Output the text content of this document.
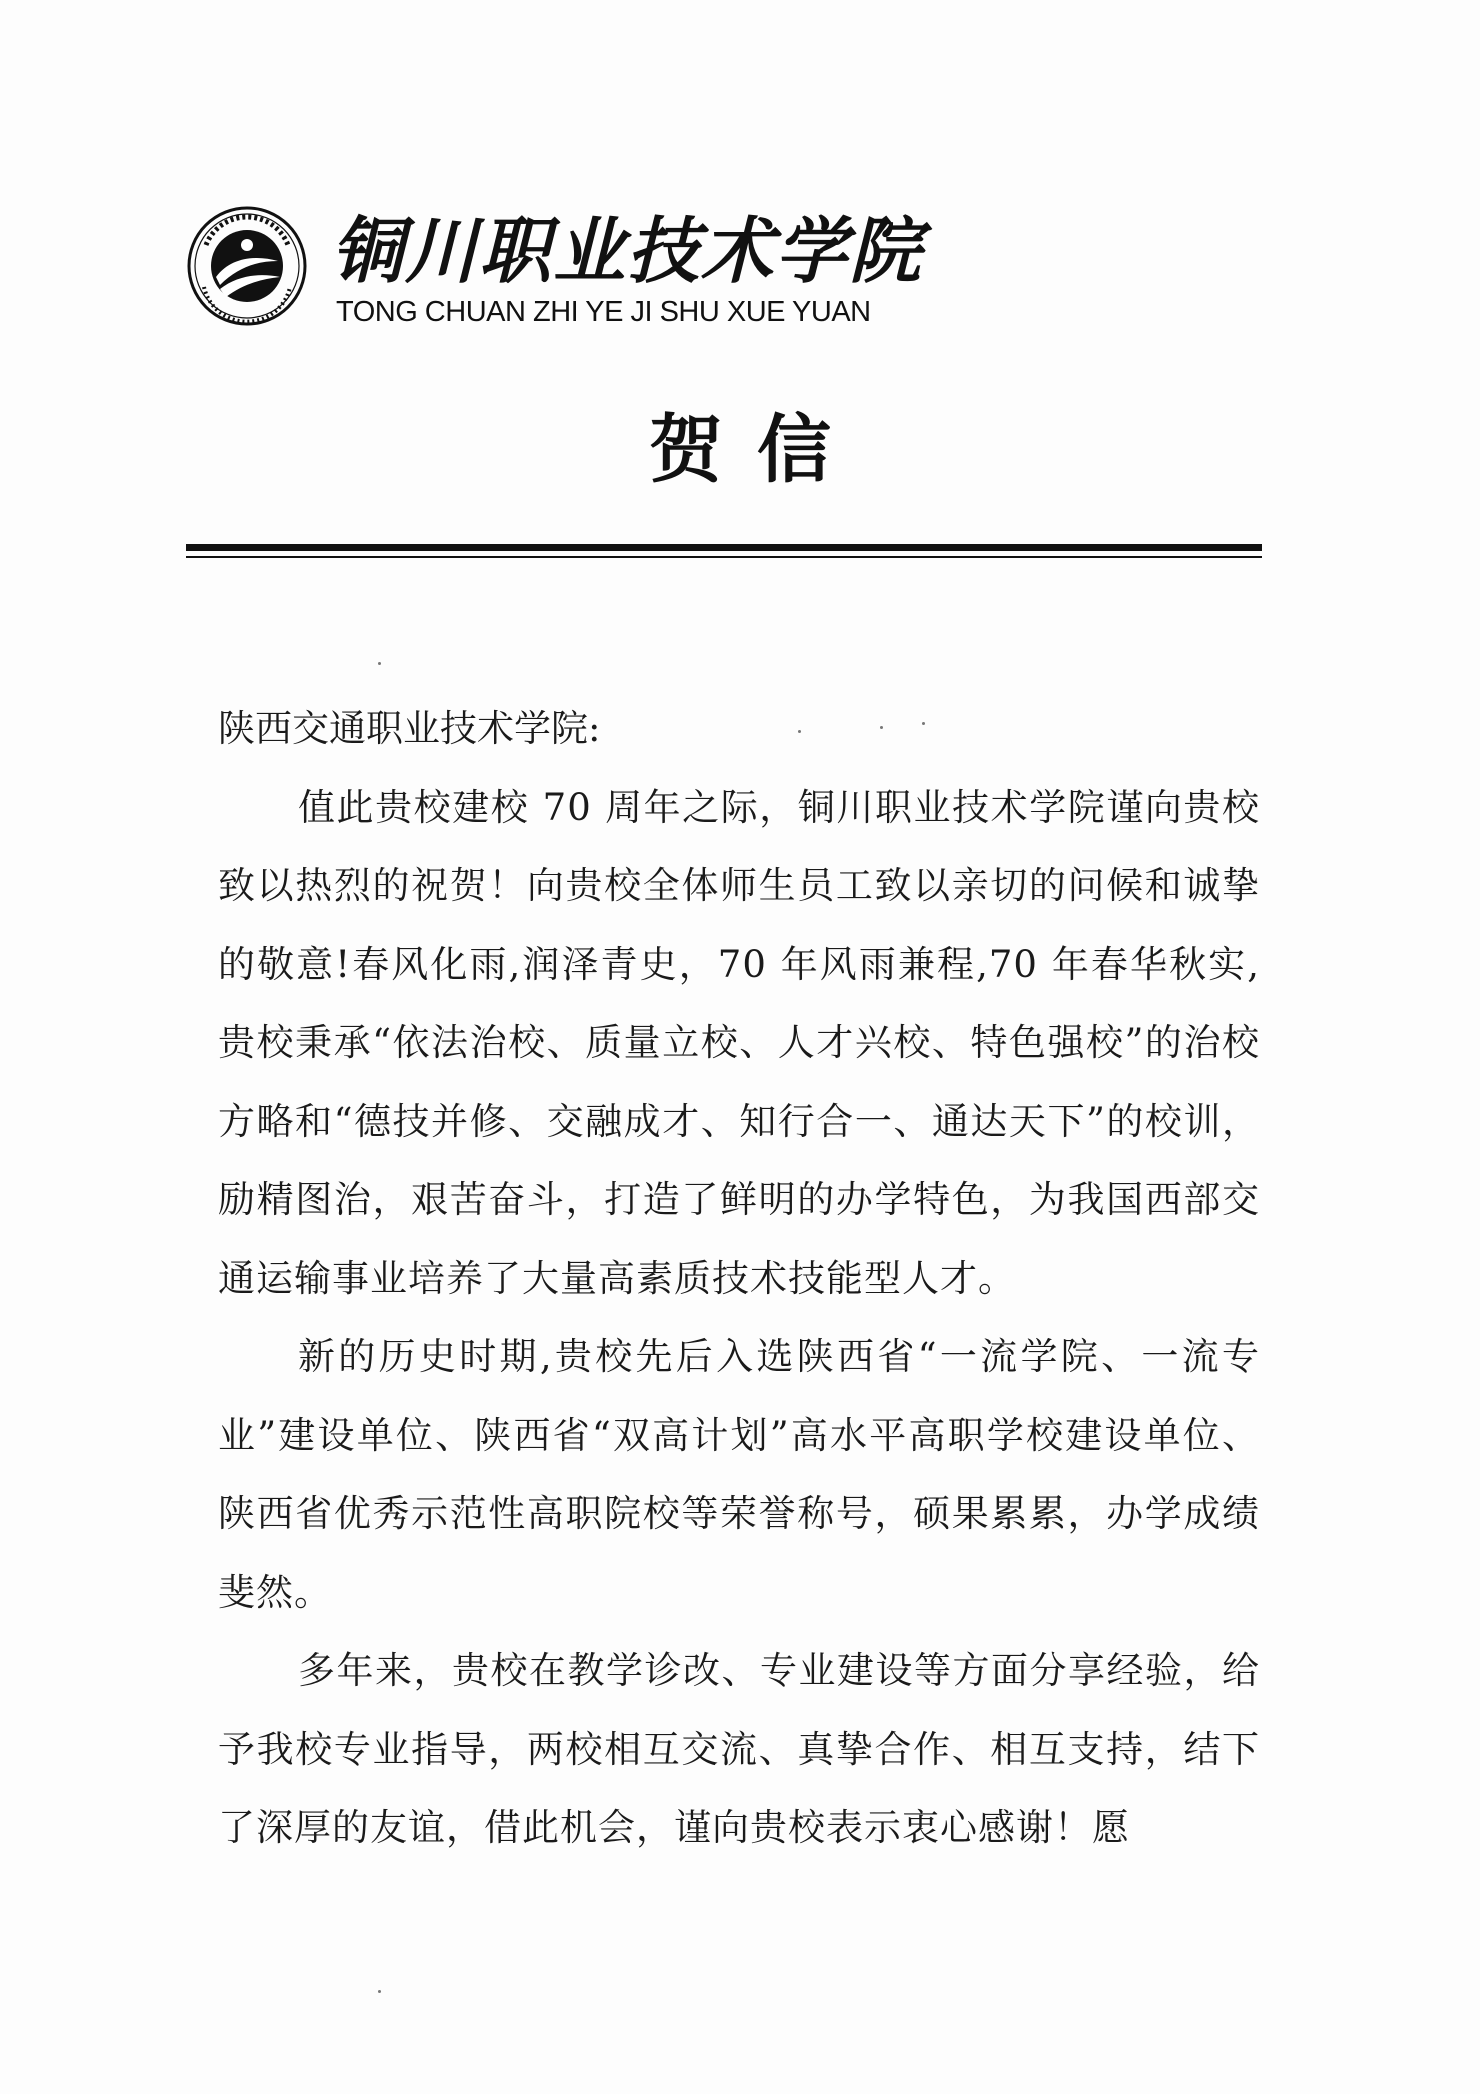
铜川职业技术学院
TONG CHUAN ZHI YE JI SHU XUE YUAN
贺信

陕西交通职业技术学院:

值此贵校建校 70 周年之际，铜川职业技术学院谨向贵校致以热烈的祝贺！向贵校全体师生员工致以亲切的问候和诚挚的敬意!春风化雨,润泽青史，70 年风雨兼程,70 年春华秋实,贵校秉承“依法治校、质量立校、人才兴校、特色强校”的治校方略和“德技并修、交融成才、知行合一、通达天下”的校训，励精图治，艰苦奋斗，打造了鲜明的办学特色，为我国西部交通运输事业培养了大量高素质技术技能型人才。

新的历史时期,贵校先后入选陕西省“一流学院、一流专业”建设单位、陕西省“双高计划”高水平高职学校建设单位、陕西省优秀示范性高职院校等荣誉称号，硕果累累，办学成绩斐然。

多年来，贵校在教学诊改、专业建设等方面分享经验，给予我校专业指导，两校相互交流、真挚合作、相互支持，结下了深厚的友谊，借此机会，谨向贵校表示衷心感谢！愿
